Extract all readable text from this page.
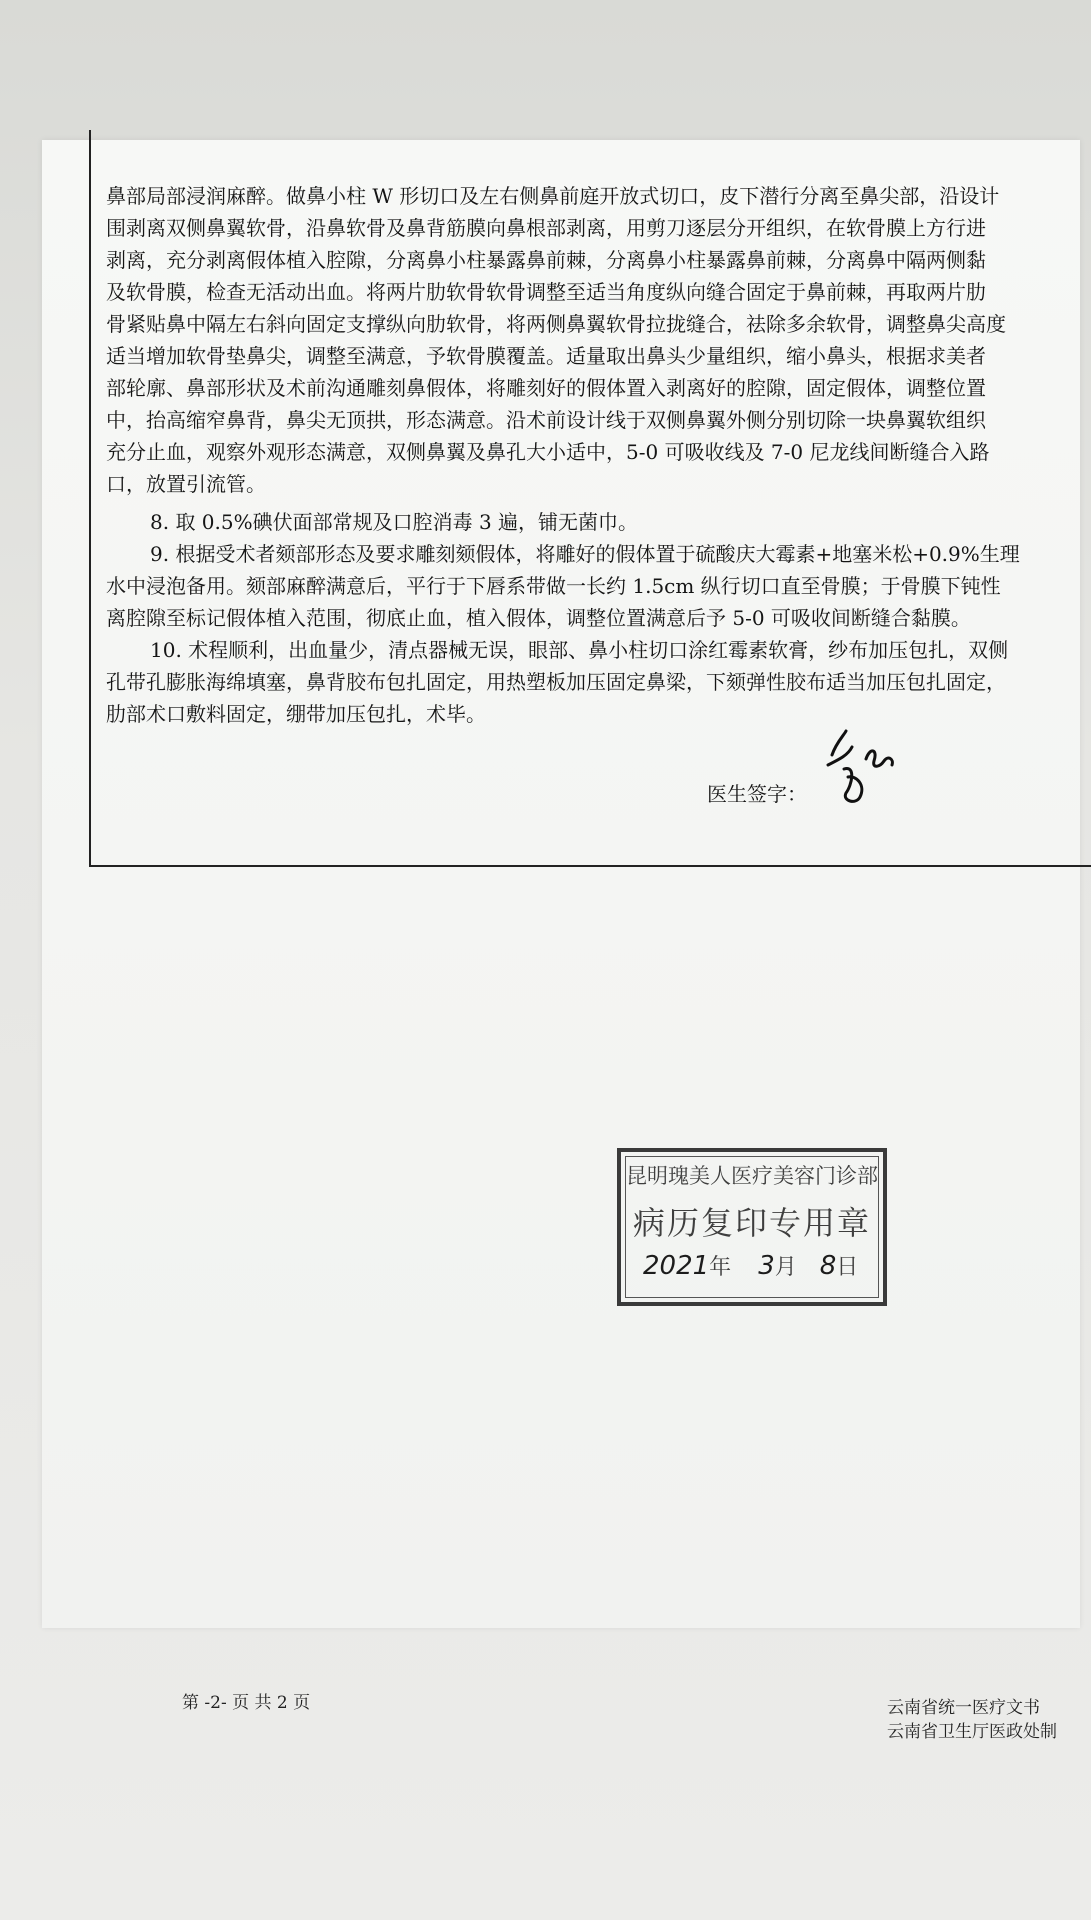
鼻部局部浸润麻醉。做鼻小柱 W 形切口及左右侧鼻前庭开放式切口，皮下潜行分离至鼻尖部，沿设计
围剥离双侧鼻翼软骨，沿鼻软骨及鼻背筋膜向鼻根部剥离，用剪刀逐层分开组织，在软骨膜上方行进
剥离，充分剥离假体植入腔隙，分离鼻小柱暴露鼻前棘，分离鼻小柱暴露鼻前棘，分离鼻中隔两侧黏
及软骨膜，检查无活动出血。将两片肋软骨软骨调整至适当角度纵向缝合固定于鼻前棘，再取两片肋
骨紧贴鼻中隔左右斜向固定支撑纵向肋软骨，将两侧鼻翼软骨拉拢缝合，祛除多余软骨，调整鼻尖高度
适当增加软骨垫鼻尖，调整至满意，予软骨膜覆盖。适量取出鼻头少量组织，缩小鼻头，根据求美者
部轮廓、鼻部形状及术前沟通雕刻鼻假体，将雕刻好的假体置入剥离好的腔隙，固定假体，调整位置
中，抬高缩窄鼻背，鼻尖无顶拱，形态满意。沿术前设计线于双侧鼻翼外侧分别切除一块鼻翼软组织
充分止血，观察外观形态满意，双侧鼻翼及鼻孔大小适中，5-0 可吸收线及 7-0 尼龙线间断缝合入路
口，放置引流管。
8. 取 0.5%碘伏面部常规及口腔消毒 3 遍，铺无菌巾。
9. 根据受术者颏部形态及要求雕刻颏假体，将雕好的假体置于硫酸庆大霉素+地塞米松+0.9%生理
水中浸泡备用。颏部麻醉满意后，平行于下唇系带做一长约 1.5cm 纵行切口直至骨膜；于骨膜下钝性
离腔隙至标记假体植入范围，彻底止血，植入假体，调整位置满意后予 5-0 可吸收间断缝合黏膜。
10. 术程顺利，出血量少，清点器械无误，眼部、鼻小柱切口涂红霉素软膏，纱布加压包扎，双侧
孔带孔膨胀海绵填塞，鼻背胶布包扎固定，用热塑板加压固定鼻梁，下颏弹性胶布适当加压包扎固定，
肋部术口敷料固定，绷带加压包扎，术毕。
医生签字：
昆明瑰美人医疗美容门诊部
病历复印专用章
2021年 3月 8日
第 -2- 页 共 2 页	云南省统一医疗文书
云南省卫生厅医政处制
